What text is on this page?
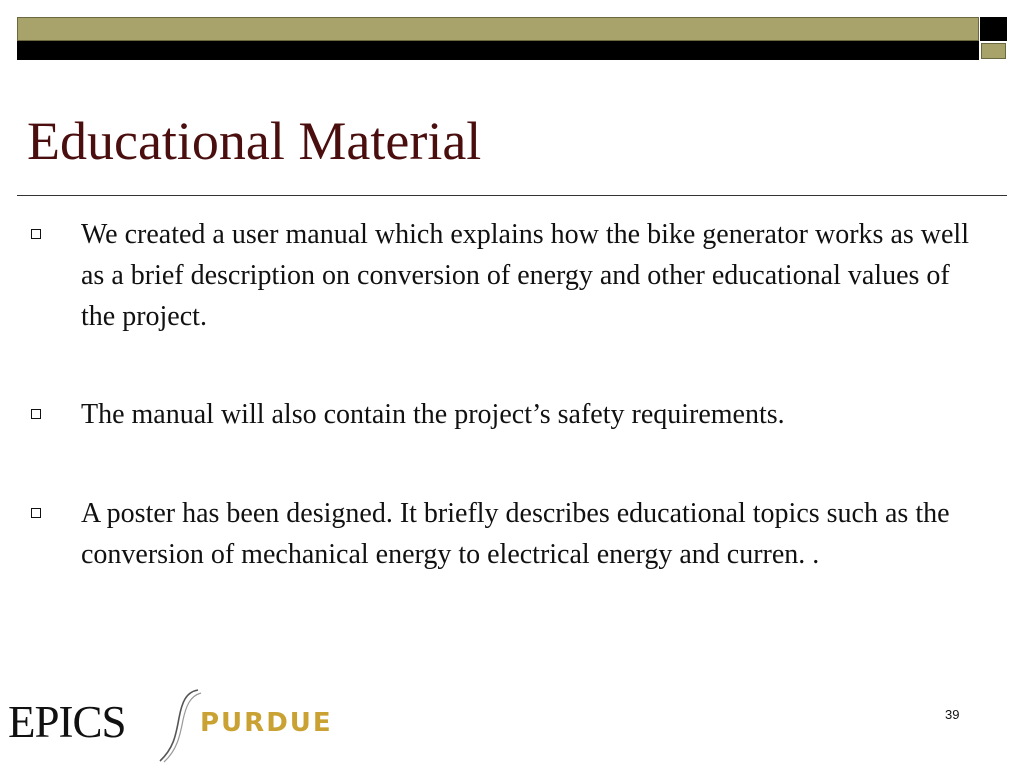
Educational Material
We created a user manual which explains how the bike generator works as well as a brief description on conversion of energy and other educational values of the project.
The manual will also contain the project’s safety requirements.
A poster has been designed. It briefly describes educational topics such as the conversion of mechanical energy to electrical energy and curren. .
EPICS	PURDUE	39
